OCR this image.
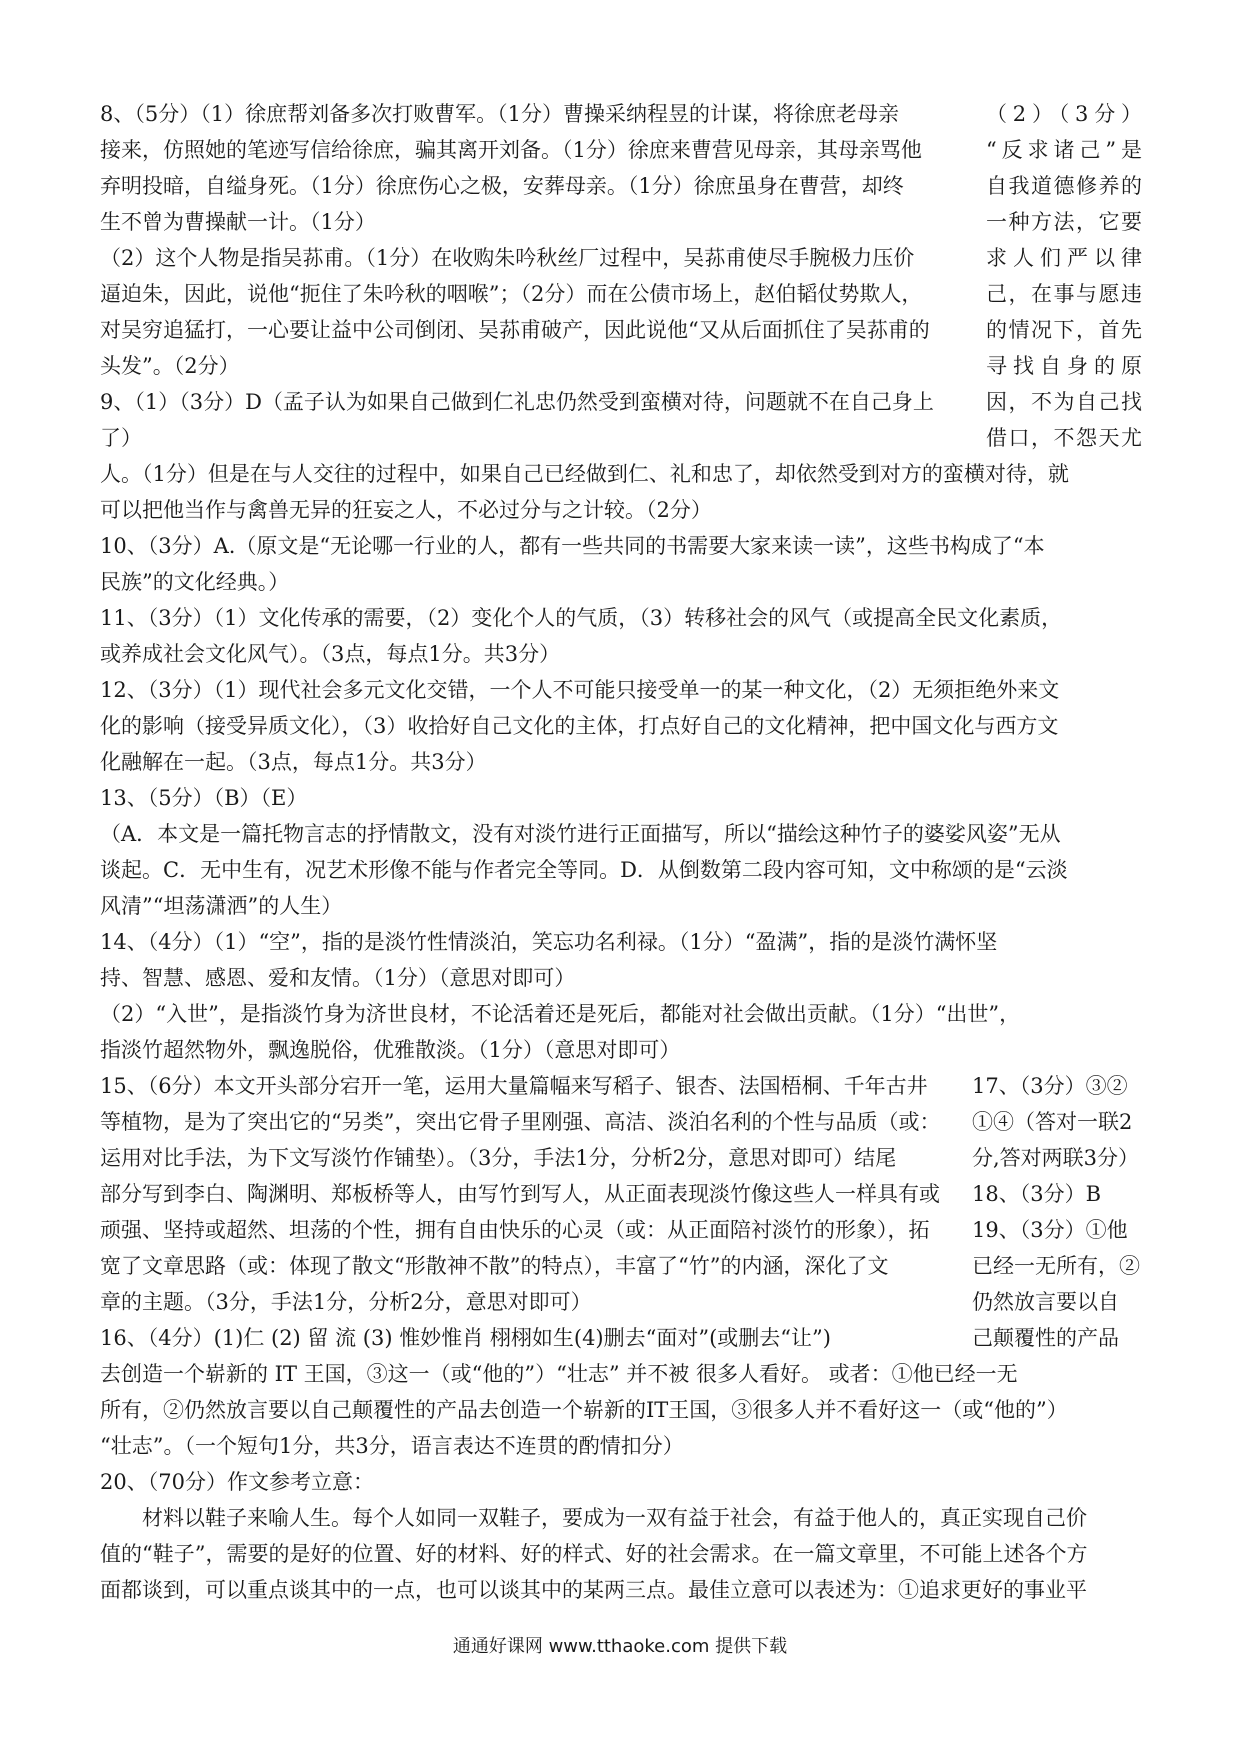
8、（5分）（1）徐庶帮刘备多次打败曹军。（1分）曹操采纳程昱的计谋，将徐庶老母亲
接来，仿照她的笔迹写信给徐庶，骗其离开刘备。（1分）徐庶来曹营见母亲，其母亲骂他
弃明投暗，自缢身死。（1分）徐庶伤心之极，安葬母亲。（1分）徐庶虽身在曹营，却终
生不曾为曹操献一计。（1分）
（2）这个人物是指吴荪甫。（1分）在收购朱吟秋丝厂过程中，吴荪甫使尽手腕极力压价
逼迫朱，因此，说他“扼住了朱吟秋的咽喉”；（2分）而在公债市场上，赵伯韬仗势欺人，
对吴穷追猛打，一心要让益中公司倒闭、吴荪甫破产，因此说他“又从后面抓住了吴荪甫的
头发”。（2分）
9、（1）（3分）D（孟子认为如果自己做到仁礼忠仍然受到蛮横对待，问题就不在自己身上
了）
（2）（3分）
“反求诸己”是
自我道德修养的
一种方法，它要
求人们严以律
己，在事与愿违
的情况下，首先
寻找自身的原
因，不为自己找
借口，不怨天尤
人。（1分）但是在与人交往的过程中，如果自己已经做到仁、礼和忠了，却依然受到对方的蛮横对待，就
可以把他当作与禽兽无异的狂妄之人，不必过分与之计较。（2分）
10、（3分）A.（原文是“无论哪一行业的人，都有一些共同的书需要大家来读一读”，这些书构成了“本
民族”的文化经典。）
11、（3分）（1）文化传承的需要，（2）变化个人的气质，（3）转移社会的风气（或提高全民文化素质，
或养成社会文化风气）。（3点，每点1分。共3分）
12、（3分）（1）现代社会多元文化交错，一个人不可能只接受单一的某一种文化，（2）无须拒绝外来文
化的影响（接受异质文化），（3）收拾好自己文化的主体，打点好自己的文化精神，把中国文化与西方文
化融解在一起。（3点，每点1分。共3分）
13、（5分）（B）（E）
（A．本文是一篇托物言志的抒情散文，没有对淡竹进行正面描写，所以“描绘这种竹子的婆娑风姿”无从
谈起。C．无中生有，况艺术形像不能与作者完全等同。D．从倒数第二段内容可知，文中称颂的是“云淡
风清”“坦荡潇洒”的人生）
14、（4分）（1）“空”，指的是淡竹性情淡泊，笑忘功名利禄。（1分）“盈满”，指的是淡竹满怀坚
持、智慧、感恩、爱和友情。（1分）（意思对即可）
（2）“入世”，是指淡竹身为济世良材，不论活着还是死后，都能对社会做出贡献。（1分）“出世”，
指淡竹超然物外，飘逸脱俗，优雅散淡。（1分）（意思对即可）
15、（6分）本文开头部分宕开一笔，运用大量篇幅来写稻子、银杏、法国梧桐、千年古井
等植物，是为了突出它的“另类”，突出它骨子里刚强、高洁、淡泊名利的个性与品质（或：
运用对比手法，为下文写淡竹作铺垫）。（3分，手法1分，分析2分，意思对即可）结尾
部分写到李白、陶渊明、郑板桥等人，由写竹到写人，从正面表现淡竹像这些人一样具有或
顽强、坚持或超然、坦荡的个性，拥有自由快乐的心灵（或：从正面陪衬淡竹的形象），拓
宽了文章思路（或：体现了散文“形散神不散”的特点），丰富了“竹”的内涵，深化了文
章的主题。（3分，手法1分，分析2分，意思对即可）
16、（4分）(1)仁 (2) 留 流 (3) 惟妙惟肖 栩栩如生(4)删去“面对”(或删去“让”)
17、（3分）③②
①④（答对一联2
分,答对两联3分）
18、（3分）B
19、（3分）①他
已经一无所有，②
仍然放言要以自
己颠覆性的产品
去创造一个崭新的 IT 王国，③这一（或“他的”）“壮志” 并不被 很多人看好。 或者：①他已经一无
所有，②仍然放言要以自己颠覆性的产品去创造一个崭新的IT王国，③很多人并不看好这一（或“他的”）
“壮志”。（一个短句1分，共3分，语言表达不连贯的酌情扣分）
20、（70分）作文参考立意：
　　材料以鞋子来喻人生。每个人如同一双鞋子，要成为一双有益于社会，有益于他人的，真正实现自己价
值的“鞋子”，需要的是好的位置、好的材料、好的样式、好的社会需求。在一篇文章里，不可能上述各个方
面都谈到，可以重点谈其中的一点，也可以谈其中的某两三点。最佳立意可以表述为：①追求更好的事业平
通通好课网 www.tthaoke.com 提供下载
